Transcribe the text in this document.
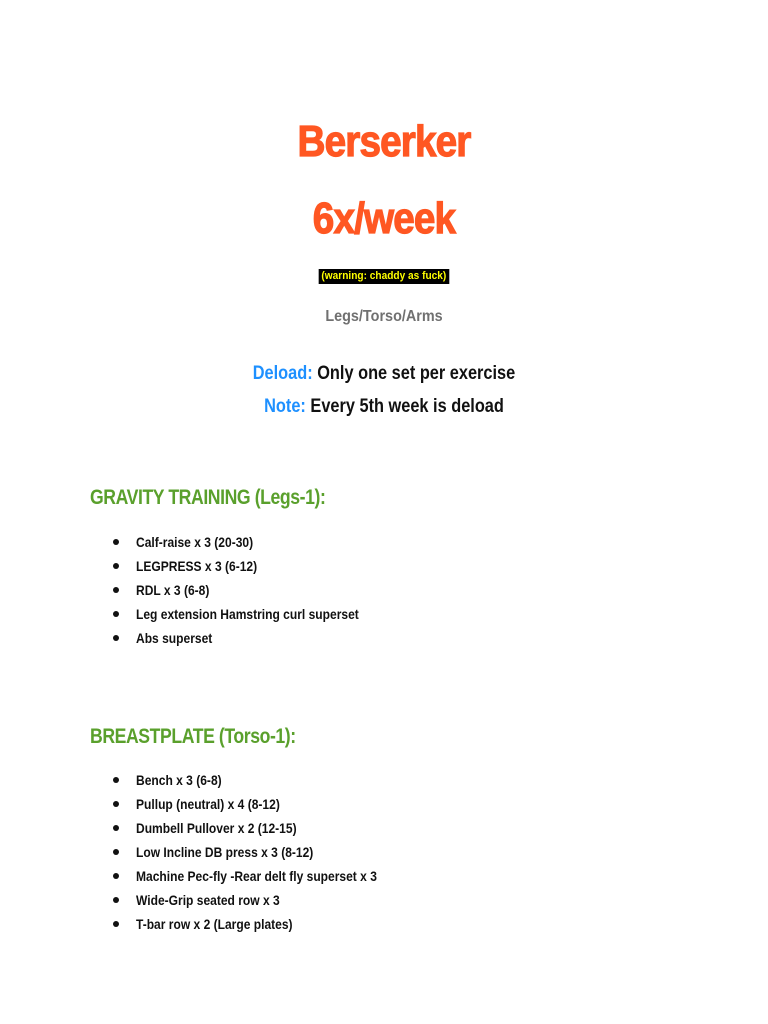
Berserker
6x/week
(warning: chaddy as fuck)
Legs/Torso/Arms
Deload: Only one set per exercise
Note: Every 5th week is deload
GRAVITY TRAINING (Legs-1):
Calf-raise x 3 (20-30)
LEGPRESS x 3 (6-12)
RDL x 3 (6-8)
Leg extension Hamstring curl superset
Abs superset
BREASTPLATE (Torso-1):
Bench x 3 (6-8)
Pullup (neutral) x 4 (8-12)
Dumbell Pullover x 2 (12-15)
Low Incline DB press x 3 (8-12)
Machine Pec-fly -Rear delt fly superset x 3
Wide-Grip seated row x 3
T-bar row x 2 (Large plates)
